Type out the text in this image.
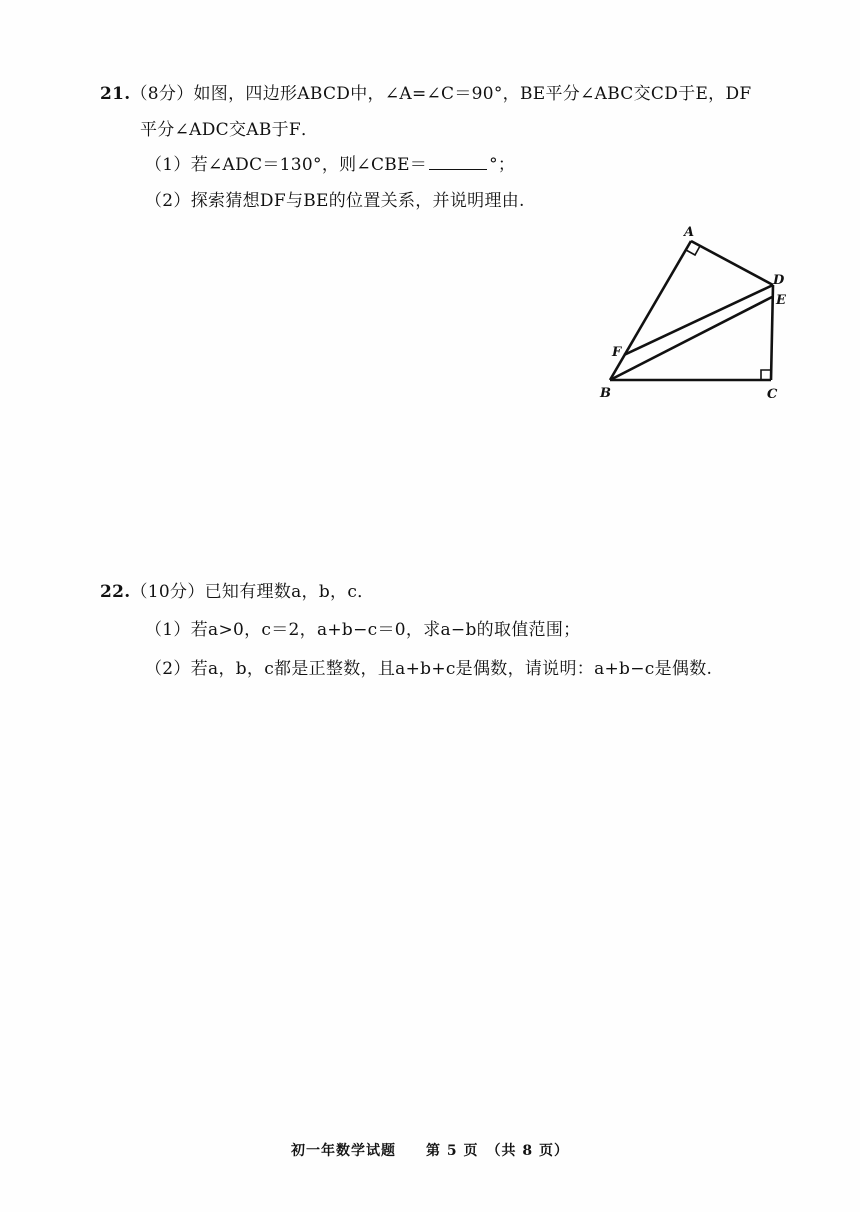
21.（8分）如图，四边形ABCD中，∠A=∠C＝90°，BE平分∠ABC交CD于E，DF
平分∠ADC交AB于F．
（1）若∠ADC＝130°，则∠CBE＝	°；
（2）探索猜想DF与BE的位置关系，并说明理由.
A
B	C
D
E
F
22.（10分）已知有理数a，b，c．
（1）若a>0，c＝2，a+b−c＝0，求a−b的取值范围；
（2）若a，b，c都是正整数，且a+b+c是偶数，请说明：a+b−c是偶数.
初一年数学试题　　第 5 页　（共 8 页）
